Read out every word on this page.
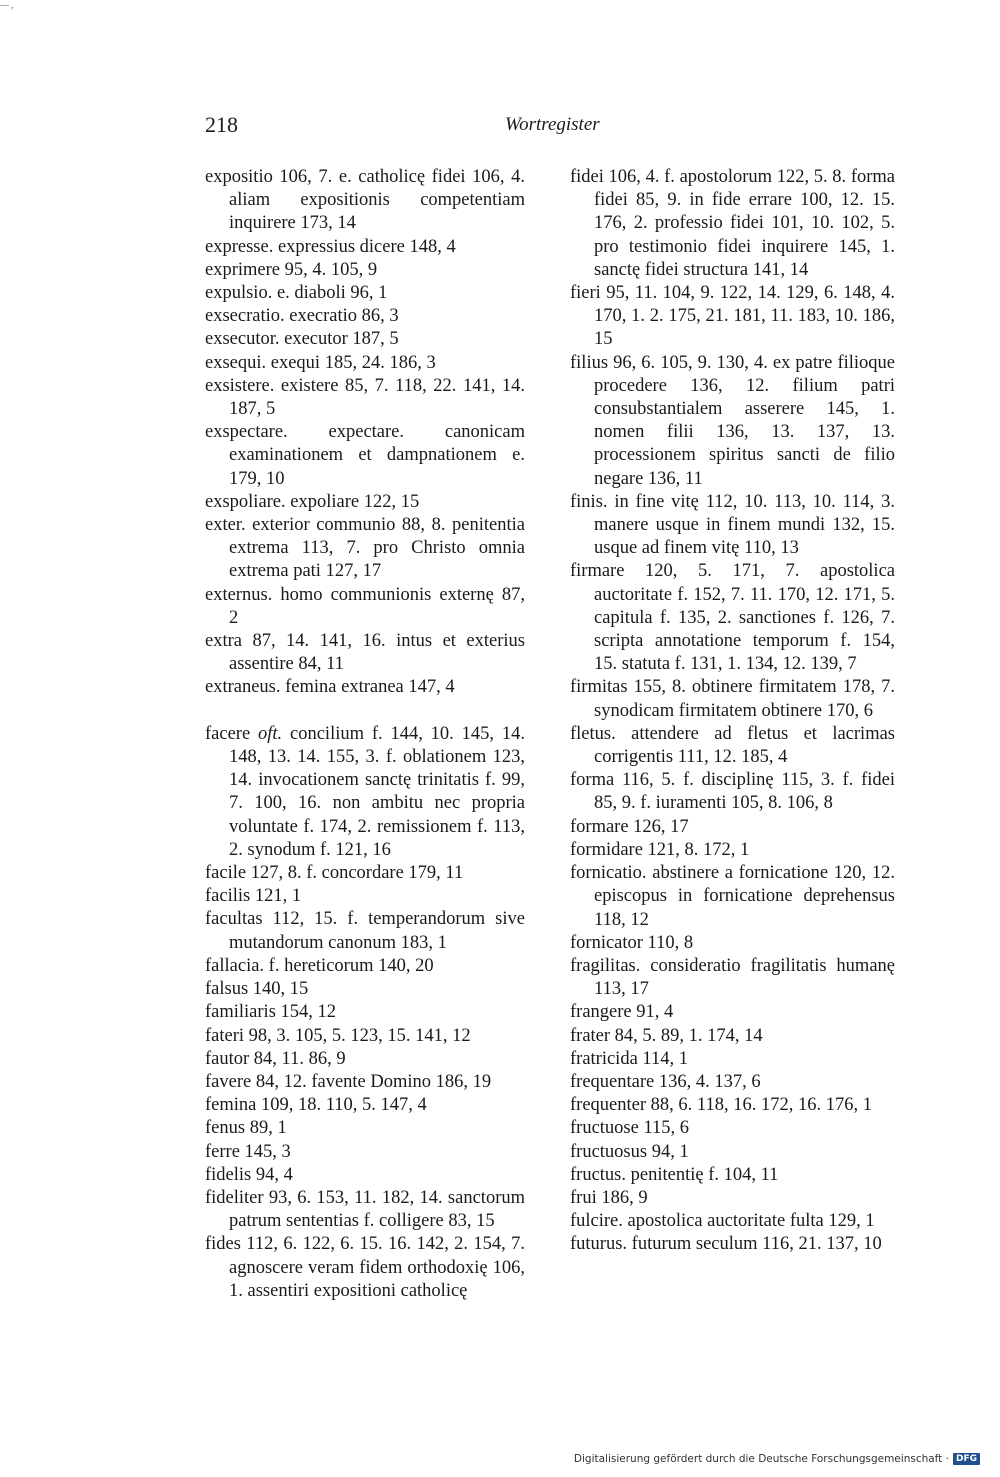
— ,
218	Wortregister

expositio 106, 7. e. catholicę fidei 106, 4. aliam expositionis competentiam inquirere 173, 14

expresse. expressius dicere 148, 4

exprimere 95, 4. 105, 9

expulsio. e. diaboli 96, 1

exsecratio. execratio 86, 3

exsecutor. executor 187, 5

exsequi. exequi 185, 24. 186, 3

exsistere. existere 85, 7. 118, 22. 141, 14. 187, 5

exspectare. expectare. canonicam examinationem et dampnationem e. 179, 10

exspoliare. expoliare 122, 15

exter. exterior communio 88, 8. penitentia extrema 113, 7. pro Christo omnia extrema pati 127, 17

externus. homo communionis externę 87, 2

extra 87, 14. 141, 16. intus et exterius assentire 84, 11

extraneus. femina extranea 147, 4

facere oft. concilium f. 144, 10. 145, 14. 148, 13. 14. 155, 3. f. oblationem 123, 14. invocationem sanctę trinitatis f. 99, 7. 100, 16. non ambitu nec propria voluntate f. 174, 2. remissionem f. 113, 2. synodum f. 121, 16

facile 127, 8. f. concordare 179, 11

facilis 121, 1

facultas 112, 15. f. temperandorum sive mutandorum canonum 183, 1

fallacia. f. hereticorum 140, 20

falsus 140, 15

familiaris 154, 12

fateri 98, 3. 105, 5. 123, 15. 141, 12

fautor 84, 11. 86, 9

favere 84, 12. favente Domino 186, 19

femina 109, 18. 110, 5. 147, 4

fenus 89, 1

ferre 145, 3

fidelis 94, 4

fideliter 93, 6. 153, 11. 182, 14. sanctorum patrum sententias f. colligere 83, 15

fides 112, 6. 122, 6. 15. 16. 142, 2. 154, 7. agnoscere veram fidem orthodoxię 106, 1. assentiri expositioni catholicę

fidei 106, 4. f. apostolorum 122, 5. 8. forma fidei 85, 9. in fide errare 100, 12. 15. 176, 2. professio fidei 101, 10. 102, 5. pro testimonio fidei inquirere 145, 1. sanctę fidei structura 141, 14

fieri 95, 11. 104, 9. 122, 14. 129, 6. 148, 4. 170, 1. 2. 175, 21. 181, 11. 183, 10. 186, 15

filius 96, 6. 105, 9. 130, 4. ex patre filioque procedere 136, 12. filium patri consubstantialem asserere 145, 1. nomen filii 136, 13. 137, 13. processionem spiritus sancti de filio negare 136, 11

finis. in fine vitę 112, 10. 113, 10. 114, 3. manere usque in finem mundi 132, 15. usque ad finem vitę 110, 13

firmare 120, 5. 171, 7. apostolica auctoritate f. 152, 7. 11. 170, 12. 171, 5. capitula f. 135, 2. sanctiones f. 126, 7. scripta annotatione temporum f. 154, 15. statuta f. 131, 1. 134, 12. 139, 7

firmitas 155, 8. obtinere firmitatem 178, 7. synodicam firmitatem obtinere 170, 6

fletus. attendere ad fletus et lacrimas corrigentis 111, 12. 185, 4

forma 116, 5. f. disciplinę 115, 3. f. fidei 85, 9. f. iuramenti 105, 8. 106, 8

formare 126, 17

formidare 121, 8. 172, 1

fornicatio. abstinere a fornicatione 120, 12. episcopus in fornicatione deprehensus 118, 12

fornicator 110, 8

fragilitas. consideratio fragilitatis humanę 113, 17

frangere 91, 4

frater 84, 5. 89, 1. 174, 14

fratricida 114, 1

frequentare 136, 4. 137, 6

frequenter 88, 6. 118, 16. 172, 16. 176, 1

fructuose 115, 6

fructuosus 94, 1

fructus. penitentię f. 104, 11

frui 186, 9

fulcire. apostolica auctoritate fulta 129, 1

futurus. futurum seculum 116, 21. 137, 10

Digitalisierung gefördert durch die Deutsche Forschungsgemeinschaft · DFG
